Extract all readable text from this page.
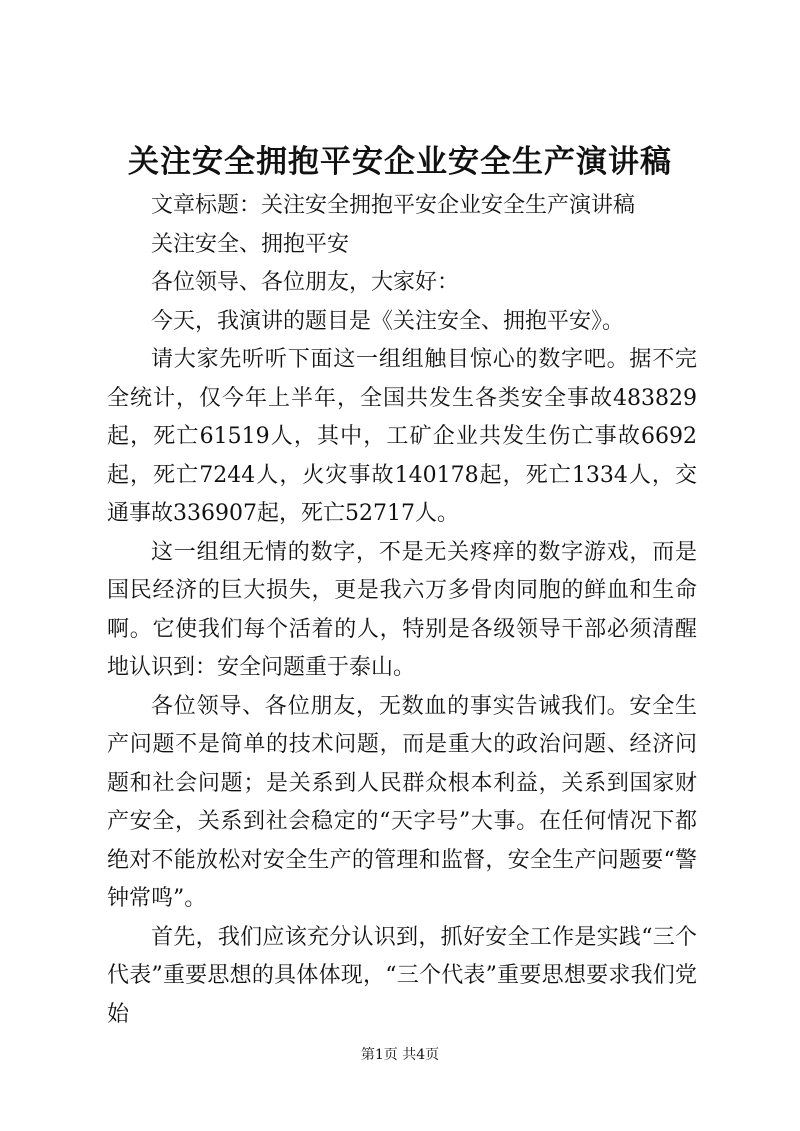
关注安全拥抱平安企业安全生产演讲稿

文章标题：关注安全拥抱平安企业安全生产演讲稿

关注安全、拥抱平安

各位领导、各位朋友，大家好：

今天，我演讲的题目是《关注安全、拥抱平安》。

请大家先听听下面这一组组触目惊心的数字吧。据不完全统计，仅今年上半年，全国共发生各类安全事故483829起，死亡61519人，其中，工矿企业共发生伤亡事故6692起，死亡7244人，火灾事故140178起，死亡1334人，交通事故336907起，死亡52717人。

这一组组无情的数字，不是无关疼痒的数字游戏，而是国民经济的巨大损失，更是我六万多骨肉同胞的鲜血和生命啊。它使我们每个活着的人，特别是各级领导干部必须清醒地认识到：安全问题重于泰山。

各位领导、各位朋友，无数血的事实告诫我们。安全生产问题不是简单的技术问题，而是重大的政治问题、经济问题和社会问题；是关系到人民群众根本利益，关系到国家财产安全，关系到社会稳定的“天字号”大事。在任何情况下都绝对不能放松对安全生产的管理和监督，安全生产问题要“警钟常鸣”。

首先，我们应该充分认识到，抓好安全工作是实践“三个代表”重要思想的具体体现，“三个代表”重要思想要求我们党始

第1页 共4页
